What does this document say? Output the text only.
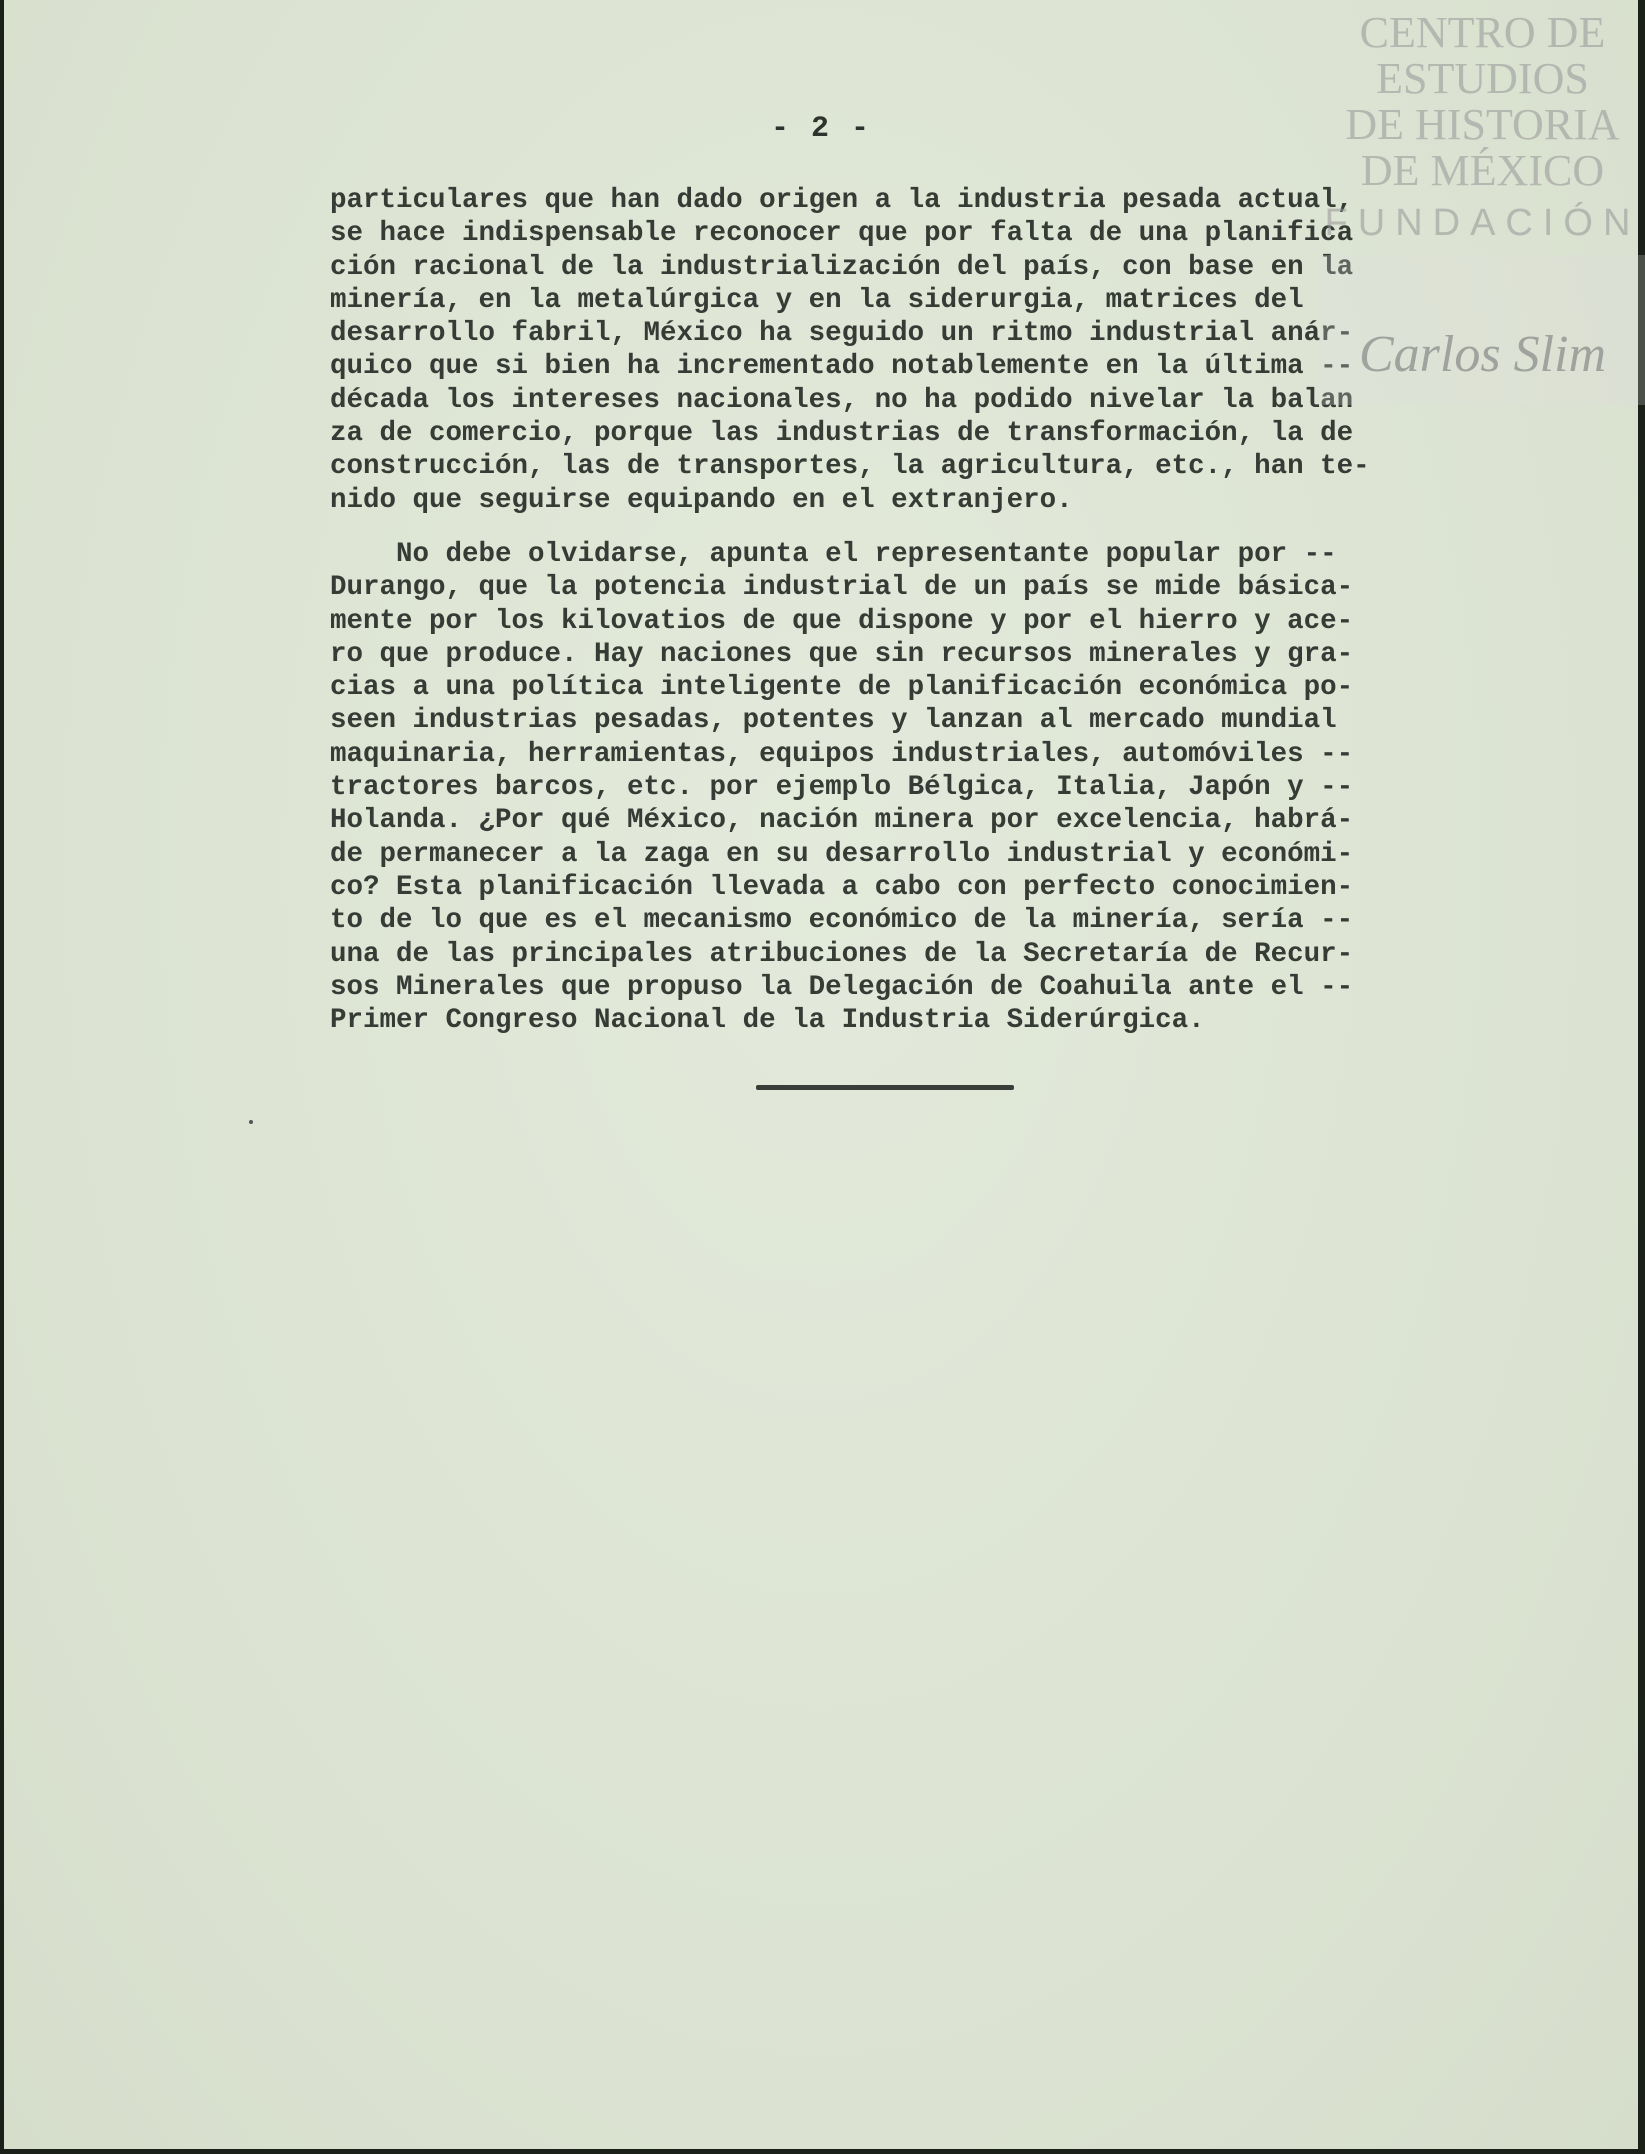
- 2 -
particulares que han dado origen a la industria pesada actual,
se hace indispensable reconocer que por falta de una planifica
ción racional de la industrialización del país, con base en la
minería, en la metalúrgica y en la siderurgia, matrices del
desarrollo fabril, México ha seguido un ritmo industrial anár-
quico que si bien ha incrementado notablemente en la última --
década los intereses nacionales, no ha podido nivelar la balan
za de comercio, porque las industrias de transformación, la de
construcción, las de transportes, la agricultura, etc., han te-
nido que seguirse equipando en el extranjero.
No debe olvidarse, apunta el representante popular por --
Durango, que la potencia industrial de un país se mide básica-
mente por los kilovatios de que dispone y por el hierro y ace-
ro que produce. Hay naciones que sin recursos minerales y gra-
cias a una política inteligente de planificación económica po-
seen industrias pesadas, potentes y lanzan al mercado mundial
maquinaria, herramientas, equipos industriales, automóviles --
tractores barcos, etc. por ejemplo Bélgica, Italia, Japón y --
Holanda. ¿Por qué México, nación minera por excelencia, habrá-
de permanecer a la zaga en su desarrollo industrial y económi-
co? Esta planificación llevada a cabo con perfecto conocimien-
to de lo que es el mecanismo económico de la minería, sería --
una de las principales atribuciones de la Secretaría de Recur-
sos Minerales que propuso la Delegación de Coahuila ante el --
Primer Congreso Nacional de la Industria Siderúrgica.
CENTRO DE
ESTUDIOS
DE HISTORIA
DE MÉXICO
FUNDACIÓN
Carlos Slim
